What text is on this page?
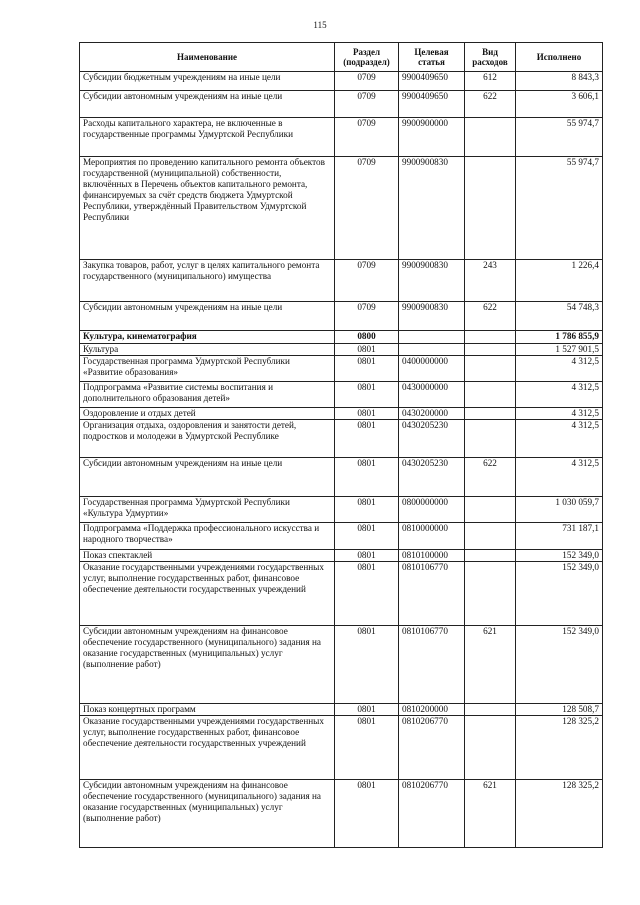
115
Наименование	Раздел (подраздел)	Целевая статья	Вид расходов	Исполнено
Субсидии бюджетным учреждениям на иные цели	0709	9900409650	612	8 843,3
Субсидии автономным учреждениям на иные цели	0709	9900409650	622	3 606,1
Расходы капитального характера, не включенные в государственные программы Удмуртской Республики	0709	9900900000		55 974,7
Мероприятия по проведению капитального ремонта объектов государственной (муниципальной) собственности, включённых в Перечень объектов капитального ремонта, финансируемых за счёт средств бюджета Удмуртской Республики, утверждённый Правительством Удмуртской Республики	0709	9900900830		55 974,7
Закупка товаров, работ, услуг в целях капитального ремонта государственного (муниципального) имущества	0709	9900900830	243	1 226,4
Субсидии автономным учреждениям на иные цели	0709	9900900830	622	54 748,3
Культура, кинематография	0800			1 786 855,9
Культура	0801			1 527 901,5
Государственная программа Удмуртской Республики «Развитие образования»	0801	0400000000		4 312,5
Подпрограмма «Развитие системы воспитания и дополнительного образования детей»	0801	0430000000		4 312,5
Оздоровление и отдых детей	0801	0430200000		4 312,5
Организация отдыха, оздоровления и занятости детей, подростков и молодежи в Удмуртской Республике	0801	0430205230		4 312,5
Субсидии автономным учреждениям на иные цели	0801	0430205230	622	4 312,5
Государственная программа Удмуртской Республики «Культура Удмуртии»	0801	0800000000		1 030 059,7
Подпрограмма «Поддержка профессионального искусства и народного творчества»	0801	0810000000		731 187,1
Показ спектаклей	0801	0810100000		152 349,0
Оказание государственными учреждениями государственных услуг, выполнение государственных работ, финансовое обеспечение деятельности государственных учреждений	0801	0810106770		152 349,0
Субсидии автономным учреждениям на финансовое обеспечение государственного (муниципального) задания на оказание государственных (муниципальных) услуг (выполнение работ)	0801	0810106770	621	152 349,0
Показ концертных программ	0801	0810200000		128 508,7
Оказание государственными учреждениями государственных услуг, выполнение государственных работ, финансовое обеспечение деятельности государственных учреждений	0801	0810206770		128 325,2
Субсидии автономным учреждениям на финансовое обеспечение государственного (муниципального) задания на оказание государственных (муниципальных) услуг (выполнение работ)	0801	0810206770	621	128 325,2
